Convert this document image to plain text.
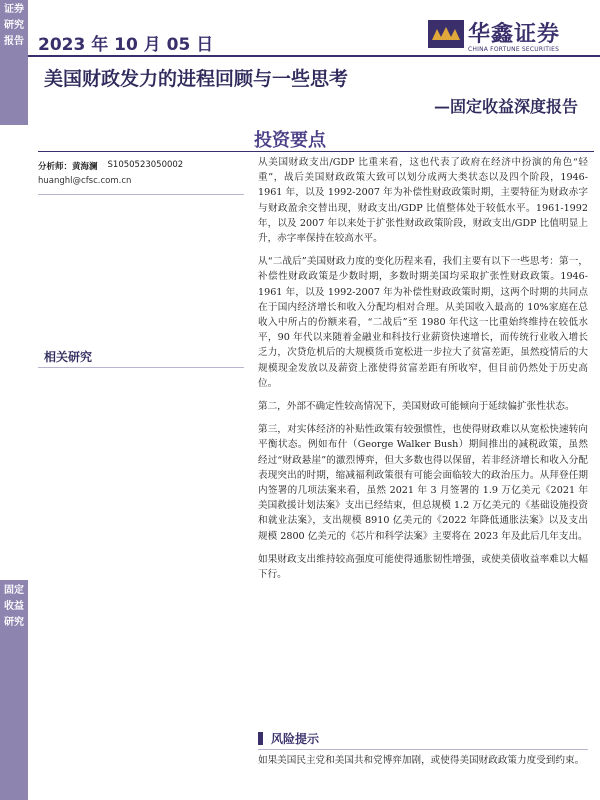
证券研究报告
固定收益研究
2023 年 10 月 05 日	华鑫证券
CHINA FORTUNE SECURITIES
美国财政发力的进程回顾与一些思考
—固定收益深度报告
投资要点
分析师：黄海澜 S1050523050002
huanghl@cfsc.com.cn
相关研究

从美国财政支出/GDP 比重来看，这也代表了政府在经济中扮演的角色“轻重”，战后美国财政政策大致可以划分成两大类状态以及四个阶段，1946-1961 年，以及 1992-2007 年为补偿性财政政策时期，主要特征为财政赤字与财政盈余交替出现，财政支出/GDP 比值整体处于较低水平。1961-1992 年，以及 2007 年以来处于扩张性财政政策阶段，财政支出/GDP 比值明显上升，赤字率保持在较高水平。

从“二战后”美国财政力度的变化历程来看，我们主要有以下一些思考：第一，补偿性财政政策是少数时期，多数时期美国均采取扩张性财政政策。1946-1961 年，以及 1992-2007 年为补偿性财政政策时期，这两个时期的共同点在于国内经济增长和收入分配均相对合理。从美国收入最高的 10%家庭在总收入中所占的份额来看，“二战后”至 1980 年代这一比重始终维持在较低水平，90 年代以来随着金融业和科技行业薪资快速增长，而传统行业收入增长乏力，次贷危机后的大规模货币宽松进一步拉大了贫富差距，虽然疫情后的大规模现金发放以及薪资上涨使得贫富差距有所收窄，但目前仍然处于历史高位。

第二，外部不确定性较高情况下，美国财政可能倾向于延续偏扩张性状态。

第三，对实体经济的补贴性政策有较强惯性，也使得财政难以从宽松快速转向平衡状态。例如布什（George Walker Bush）期间推出的减税政策，虽然经过“财政悬崖”的激烈博弈，但大多数也得以保留，若非经济增长和收入分配表现突出的时期，缩减福利政策很有可能会面临较大的政治压力。从拜登任期内签署的几项法案来看，虽然 2021 年 3 月签署的 1.9 万亿美元《2021 年美国救援计划法案》支出已经结束，但总规模 1.2 万亿美元的《基础设施投资和就业法案》，支出规模 8910 亿美元的《2022 年降低通胀法案》以及支出规模 2800 亿美元的《芯片和科学法案》主要将在 2023 年及此后几年支出。

如果财政支出维持较高强度可能使得通胀韧性增强，或使美债收益率难以大幅下行。

风险提示
如果美国民主党和美国共和党博弈加剧，或使得美国财政政策力度受到约束。
